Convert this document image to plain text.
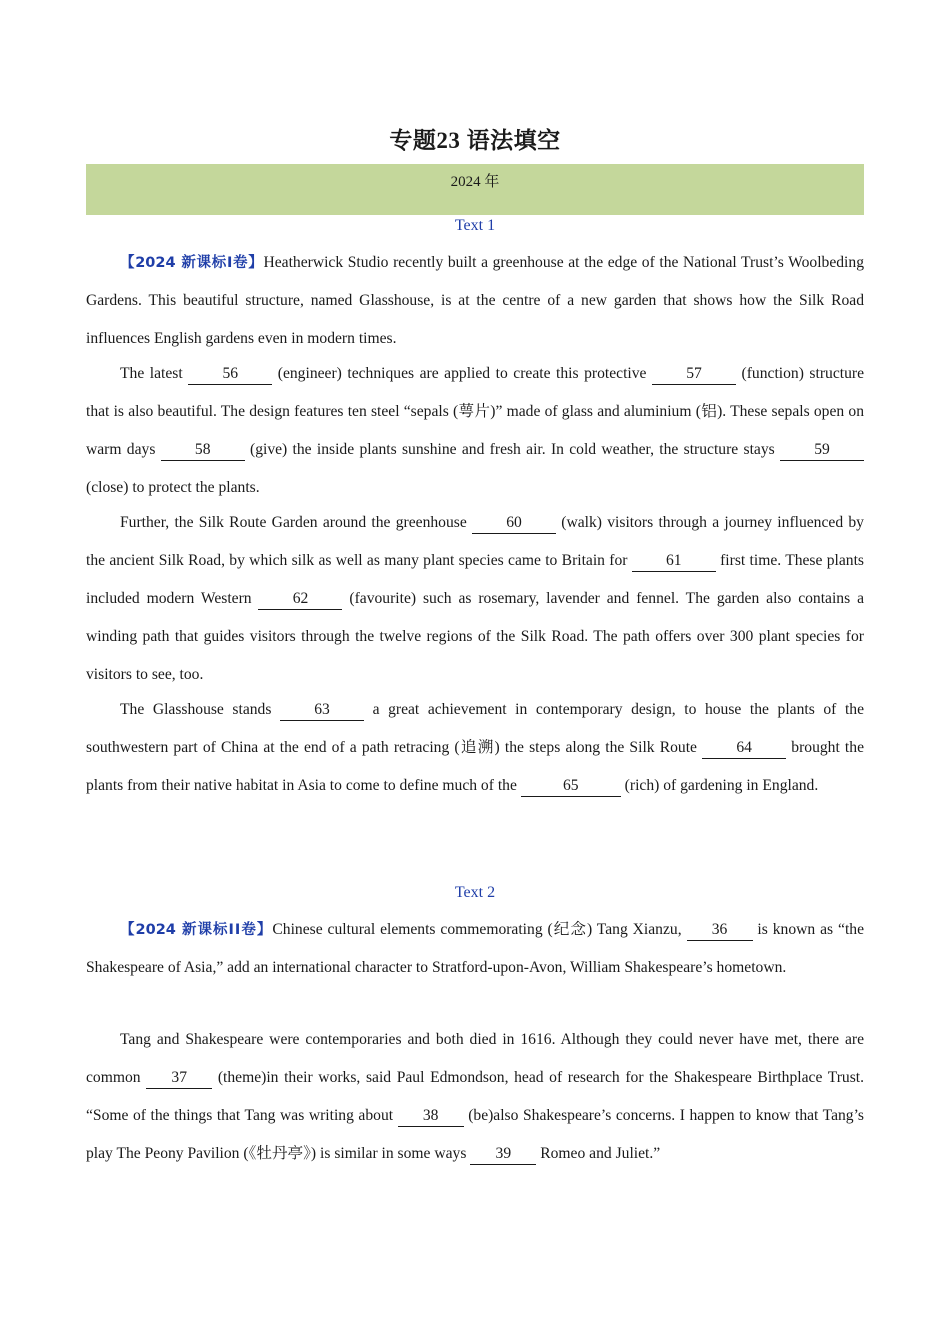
专题23 语法填空
2024 年
Text 1

【2024 新课标Ⅰ卷】Heatherwick Studio recently built a greenhouse at the edge of the National Trust’s Woolbeding Gardens. This beautiful structure, named Glasshouse, is at the centre of a new garden that shows how the Silk Road influences English gardens even in modern times.

The latest 56 (engineer) techniques are applied to create this protective 57 (function) structure that is also beautiful. The design features ten steel “sepals (萼片)” made of glass and aluminium (铝). These sepals open on warm days 58 (give) the inside plants sunshine and fresh air. In cold weather, the structure stays 59 (close) to protect the plants.

Further, the Silk Route Garden around the greenhouse 60 (walk) visitors through a journey influenced by the ancient Silk Road, by which silk as well as many plant species came to Britain for 61 first time. These plants included modern Western 62 (favourite) such as rosemary, lavender and fennel. The garden also contains a winding path that guides visitors through the twelve regions of the Silk Road. The path offers over 300 plant species for visitors to see, too.

The Glasshouse stands 63 a great achievement in contemporary design, to house the plants of the southwestern part of China at the end of a path retracing (追溯) the steps along the Silk Route 64 brought the plants from their native habitat in Asia to come to define much of the	65	(rich) of gardening in England.

Text 2

【2024 新课标ⅠⅠ卷】Chinese cultural elements commemorating (纪念) Tang Xianzu, 36 is known as “the Shakespeare of Asia,” add an international character to Stratford-upon-Avon, William Shakespeare’s hometown.

Tang and Shakespeare were contemporaries and both died in 1616. Although they could never have met, there are common 37 (theme)in their works, said Paul Edmondson, head of research for the Shakespeare Birthplace Trust. “Some of the things that Tang was writing about 38 (be)also Shakespeare’s concerns. I happen to know that Tang’s play The Peony Pavilion (《牡丹亭》) is similar in some ways 39 Romeo and Juliet.”
